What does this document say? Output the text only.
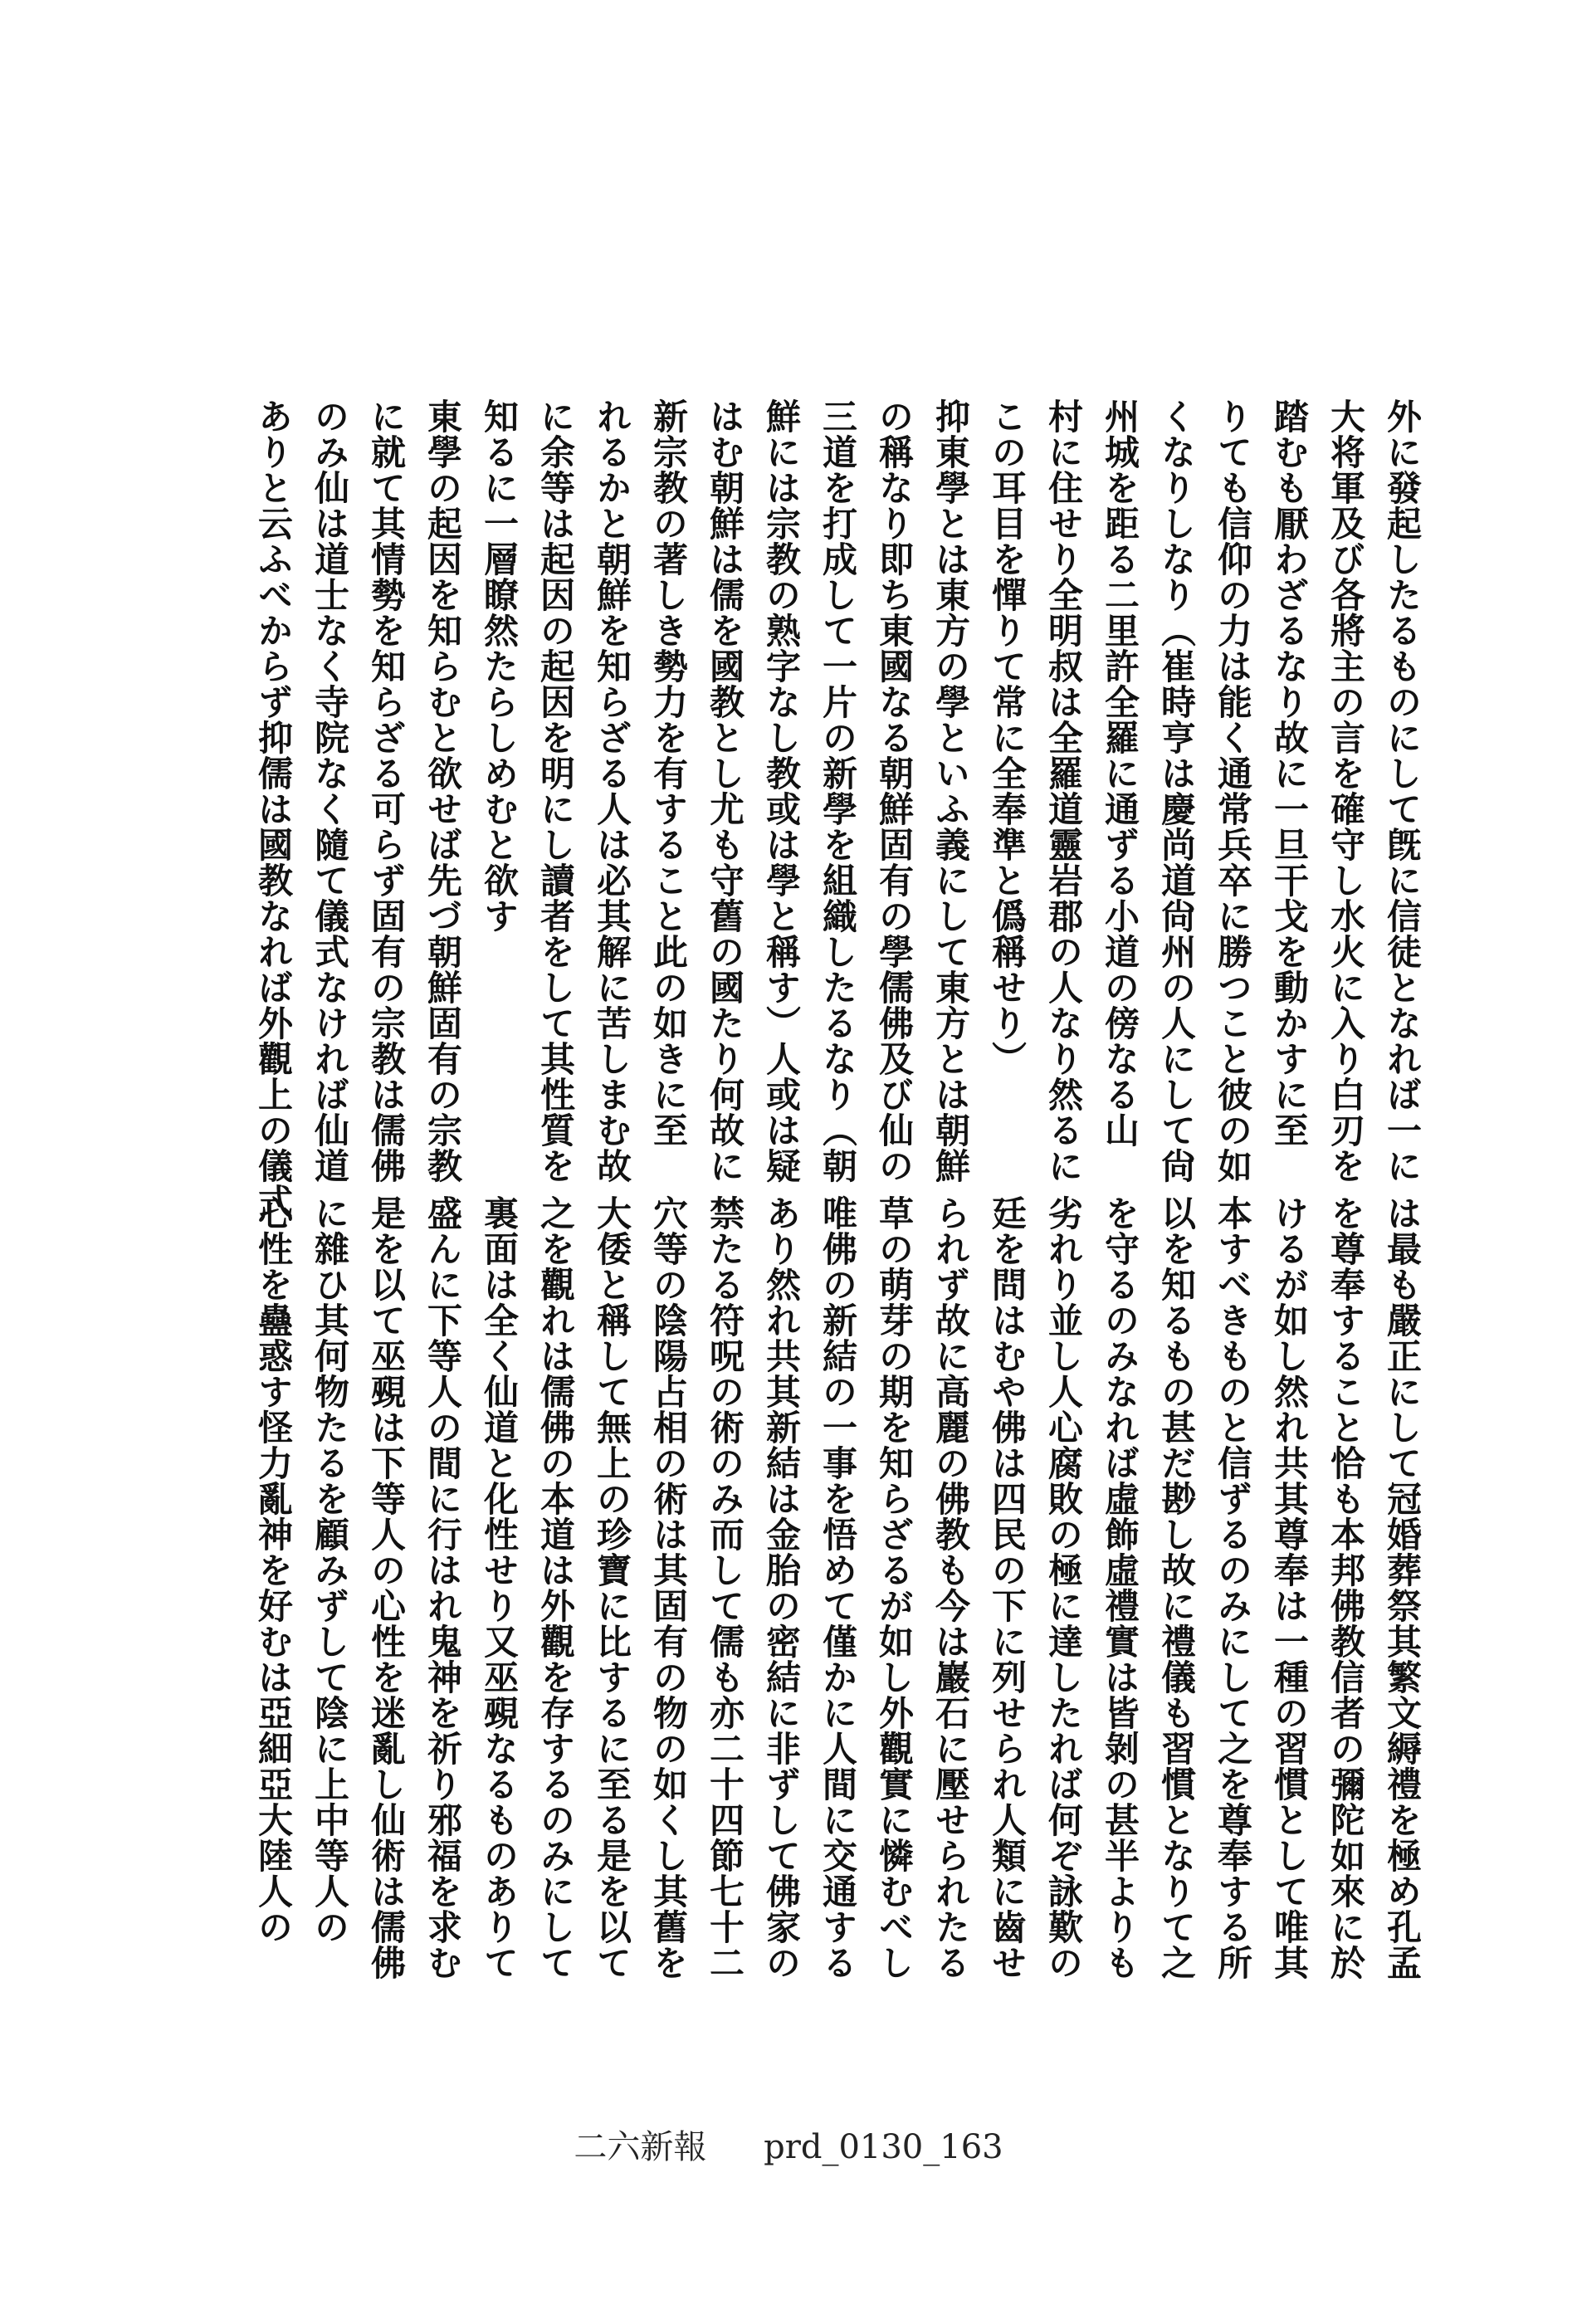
外に發起したるものにして旣に信徒となれば一に
大将軍及び各將主の言を確守し水火に入り白刃を
踏むも厭わざるなり故に一旦干戈を動かすに至
りても信仰の力は能く通常兵卒に勝つこと彼の如
くなりしなり（崔時亨は慶尚道尙州の人にして尙
州城を距る二里許全羅に通ずる小道の傍なる山
村に住せり全明叔は全羅道靈岩郡の人なり然るに
この耳目を憚りて常に全奉準と僞稱せり）
抑東學とは東方の學といふ義にして東方とは朝鮮
の稱なり即ち東國なる朝鮮固有の學儒佛及び仙の
三道を打成して一片の新學を組織したるなり（朝
鮮には宗教の熟字なし教或は學と稱す）人或は疑
はむ朝鮮は儒を國教とし尤も守舊の國たり何故に
新宗教の著しき勢力を有すること此の如きに至
れるかと朝鮮を知らざる人は必其解に苦しまむ故
に余等は起因の起因を明にし讀者をして其性質を
知るに一層瞭然たらしめむと欲す
東學の起因を知らむと欲せば先づ朝鮮固有の宗教
に就て其情勢を知らざる可らず固有の宗教は儒佛
のみ仙は道士なく寺院なく隨て儀式なければ仙道
ありと云ふべからず抑儒は國教なれば外觀上の儀式
は最も嚴正にして冠婚葬祭其繁文縟禮を極め孔孟
を尊奉すること恰も本邦佛教信者の彌陀如來に於
けるが如し然れ共其尊奉は一種の習慣として唯其
本すべきものと信ずるのみにして之を尊奉する所
以を知るもの甚だ尠し故に禮儀も習慣となりて之
を守るのみなれば虛飾虛禮實は皆剝の甚半よりも
劣れり並し人心腐敗の極に達したれば何ぞ詠歎の
廷を問はむや佛は四民の下に列せられ人類に齒せ
られず故に高麗の佛教も今は巖石に壓せられたる
草の萌芽の期を知らざるが如し外觀實に憐むべし
唯佛の新結の一事を悟めて僅かに人間に交通する
あり然れ共其新結は金胎の密結に非ずして佛家の
禁たる符呪の術のみ而して儒も亦二十四節七十二
穴等の陰陽占相の術は其固有の物の如くし其舊を
大倭と稱して無上の珍寶に比するに至る是を以て
之を觀れは儒佛の本道は外觀を存するのみにして
裏面は全く仙道と化性せり又巫覡なるものありて
盛んに下等人の間に行はれ鬼神を祈り邪福を求む
是を以て巫覡は下等人の心性を迷亂し仙術は儒佛
に雜ひ其何物たるを顧みずして陰に上中等人の
心性を蠱惑す怪力亂神を好むは亞細亞大陸人の
二六新報 prd_0130_163
